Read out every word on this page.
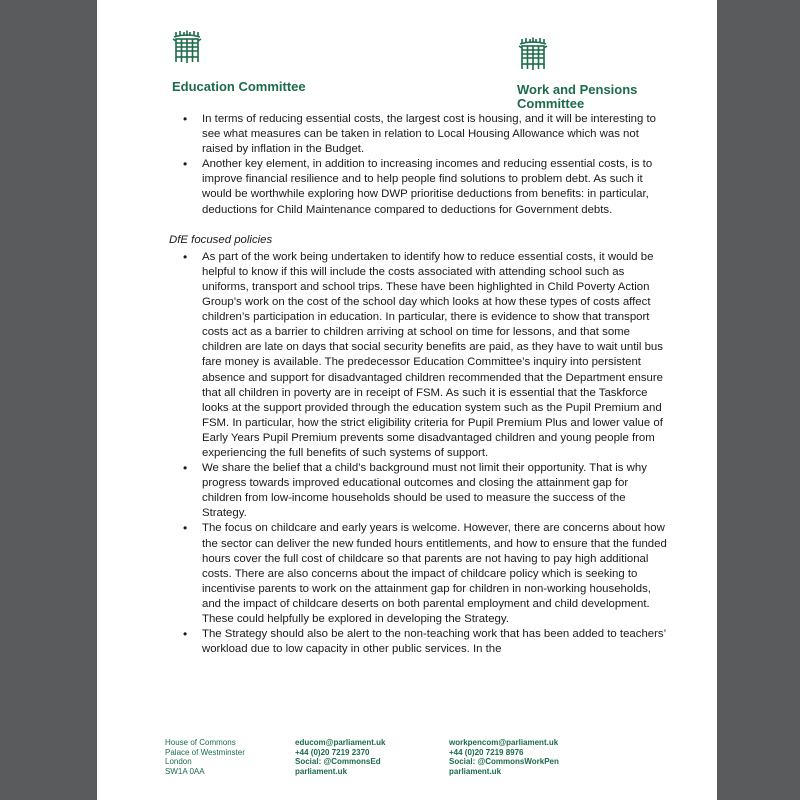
Education Committee	Work and Pensions
Committee
• In terms of reducing essential costs, the largest cost is housing, and it will be interesting to see what measures can be taken in relation to Local Housing Allowance which was not raised by inflation in the Budget.
• Another key element, in addition to increasing incomes and reducing essential costs, is to improve financial resilience and to help people find solutions to problem debt. As such it would be worthwhile exploring how DWP prioritise deductions from benefits: in particular, deductions for Child Maintenance compared to deductions for Government debts.
DfE focused policies
• As part of the work being undertaken to identify how to reduce essential costs, it would be helpful to know if this will include the costs associated with attending school such as uniforms, transport and school trips. These have been highlighted in Child Poverty Action Group’s work on the cost of the school day which looks at how these types of costs affect children’s participation in education. In particular, there is evidence to show that transport costs act as a barrier to children arriving at school on time for lessons, and that some children are late on days that social security benefits are paid, as they have to wait until bus fare money is available. The predecessor Education Committee’s inquiry into persistent absence and support for disadvantaged children recommended that the Department ensure that all children in poverty are in receipt of FSM. As such it is essential that the Taskforce looks at the support provided through the education system such as the Pupil Premium and FSM. In particular, how the strict eligibility criteria for Pupil Premium Plus and lower value of Early Years Pupil Premium prevents some disadvantaged children and young people from experiencing the full benefits of such systems of support.
• We share the belief that a child’s background must not limit their opportunity. That is why progress towards improved educational outcomes and closing the attainment gap for children from low-income households should be used to measure the success of the Strategy.
• The focus on childcare and early years is welcome. However, there are concerns about how the sector can deliver the new funded hours entitlements, and how to ensure that the funded hours cover the full cost of childcare so that parents are not having to pay high additional costs. There are also concerns about the impact of childcare policy which is seeking to incentivise parents to work on the attainment gap for children in non-working households, and the impact of childcare deserts on both parental employment and child development. These could helpfully be explored in developing the Strategy.
• The Strategy should also be alert to the non-teaching work that has been added to teachers’ workload due to low capacity in other public services. In the
House of Commons
Palace of Westminster
London
SW1A 0AA
educom@parliament.uk
+44 (0)20 7219 2370
Social: @CommonsEd
parliament.uk
workpencom@parliament.uk
+44 (0)20 7219 8976
Social: @CommonsWorkPen
parliament.uk
